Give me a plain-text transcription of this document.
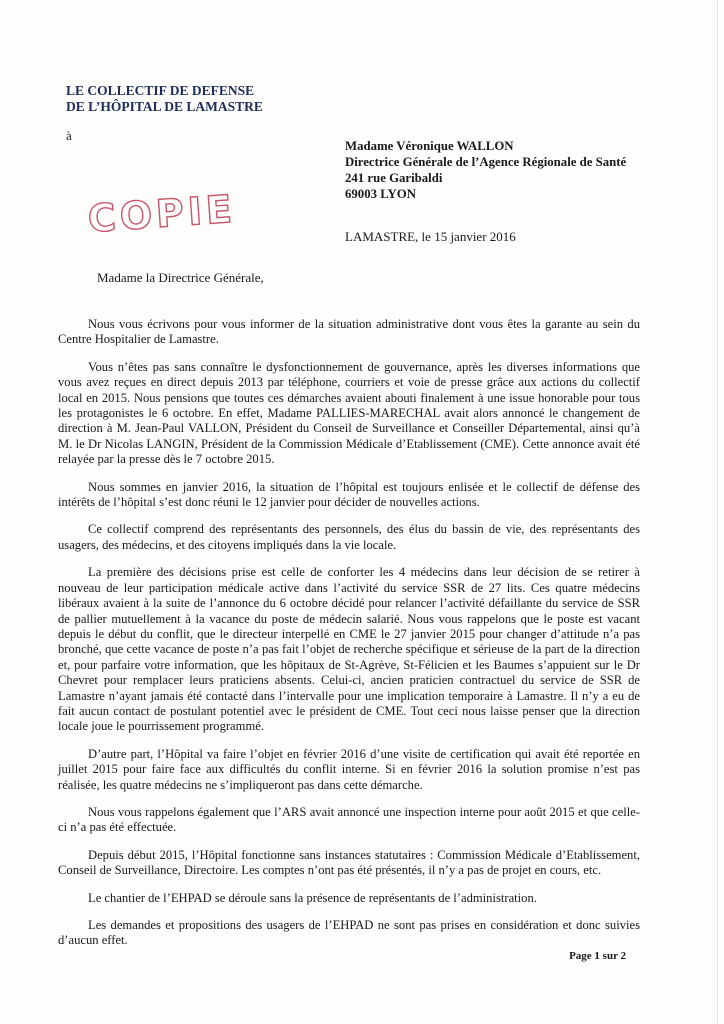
LE COLLECTIF DE DEFENSE
DE L’HÔPITAL DE LAMASTRE
à
Madame Véronique WALLON
Directrice Générale de l’Agence Régionale de Santé
241 rue Garibaldi
69003 LYON
COPIE	LAMASTRE, le 15 janvier 2016
Madame la Directrice Générale,

Nous vous écrivons pour vous informer de la situation administrative dont vous êtes la garante au sein du Centre Hospitalier de Lamastre.

Vous n’êtes pas sans connaître le dysfonctionnement de gouvernance, après les diverses informations que vous avez reçues en direct depuis 2013 par téléphone, courriers et voie de presse grâce aux actions du collectif local en 2015. Nous pensions que toutes ces démarches avaient abouti finalement à une issue honorable pour tous les protagonistes le 6 octobre. En effet, Madame PALLIES-MARECHAL avait alors annoncé le changement de direction à M. Jean-Paul VALLON, Président du Conseil de Surveillance et Conseiller Départemental, ainsi qu’à M. le Dr Nicolas LANGIN, Président de la Commission Médicale d’Etablissement (CME). Cette annonce avait été relayée par la presse dès le 7 octobre 2015.

Nous sommes en janvier 2016, la situation de l’hôpital est toujours enlisée et le collectif de défense des intérêts de l’hôpital s’est donc réuni le 12 janvier pour décider de nouvelles actions.

Ce collectif comprend des représentants des personnels, des élus du bassin de vie, des représentants des usagers, des médecins, et des citoyens impliqués dans la vie locale.

La première des décisions prise est celle de conforter les 4 médecins dans leur décision de se retirer à nouveau de leur participation médicale active dans l’activité du service SSR de 27 lits. Ces quatre médecins libéraux avaient à la suite de l’annonce du 6 octobre décidé pour relancer l’activité défaillante du service de SSR de pallier mutuellement à la vacance du poste de médecin salarié. Nous vous rappelons que le poste est vacant depuis le début du conflit, que le directeur interpellé en CME le 27 janvier 2015 pour changer d’attitude n’a pas bronché, que cette vacance de poste n’a pas fait l’objet de recherche spécifique et sérieuse de la part de la direction et, pour parfaire votre information, que les hôpitaux de St-Agrève, St-Félicien et les Baumes s’appuient sur le Dr Chevret pour remplacer leurs praticiens absents. Celui-ci, ancien praticien contractuel du service de SSR de Lamastre n’ayant jamais été contacté dans l’intervalle pour une implication temporaire à Lamastre. Il n’y a eu de fait aucun contact de postulant potentiel avec le président de CME. Tout ceci nous laisse penser que la direction locale joue le pourrissement programmé.

D’autre part, l’Hôpital va faire l’objet en février 2016 d’une visite de certification qui avait été reportée en juillet 2015 pour faire face aux difficultés du conflit interne. Si en février 2016 la solution promise n’est pas réalisée, les quatre médecins ne s’impliqueront pas dans cette démarche.

Nous vous rappelons également que l’ARS avait annoncé une inspection interne pour août 2015 et que celle-ci n’a pas été effectuée.

Depuis début 2015, l’Hôpital fonctionne sans instances statutaires : Commission Médicale d’Etablissement, Conseil de Surveillance, Directoire. Les comptes n’ont pas été présentés, il n’y a pas de projet en cours, etc.

Le chantier de l’EHPAD se déroule sans la présence de représentants de l’administration.

Les demandes et propositions des usagers de l’EHPAD ne sont pas prises en considération et donc suivies d’aucun effet.

Page 1 sur 2
